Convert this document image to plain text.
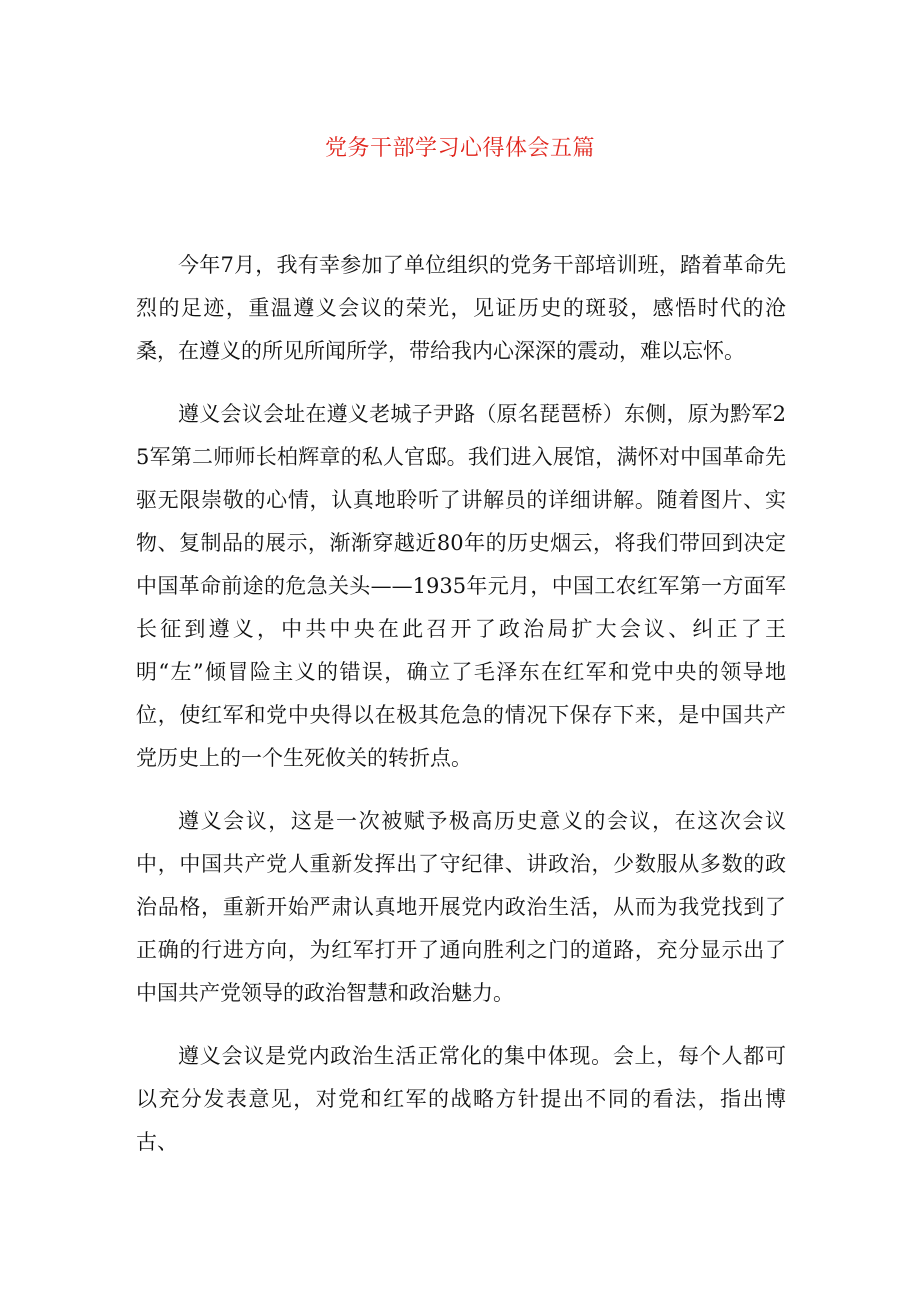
党务干部学习心得体会五篇

今年7月，我有幸参加了单位组织的党务干部培训班，踏着革命先烈的足迹，重温遵义会议的荣光，见证历史的斑驳，感悟时代的沧桑，在遵义的所见所闻所学，带给我内心深深的震动，难以忘怀。

遵义会议会址在遵义老城子尹路（原名琵琶桥）东侧，原为黔军25军第二师师长柏辉章的私人官邸。我们进入展馆，满怀对中国革命先驱无限崇敬的心情，认真地聆听了讲解员的详细讲解。随着图片、实物、复制品的展示，渐渐穿越近80年的历史烟云，将我们带回到决定中国革命前途的危急关头——1935年元月，中国工农红军第一方面军长征到遵义，中共中央在此召开了政治局扩大会议、纠正了王明“左”倾冒险主义的错误，确立了毛泽东在红军和党中央的领导地位，使红军和党中央得以在极其危急的情况下保存下来，是中国共产党历史上的一个生死攸关的转折点。

遵义会议，这是一次被赋予极高历史意义的会议，在这次会议中，中国共产党人重新发挥出了守纪律、讲政治，少数服从多数的政治品格，重新开始严肃认真地开展党内政治生活，从而为我党找到了正确的行进方向，为红军打开了通向胜利之门的道路，充分显示出了中国共产党领导的政治智慧和政治魅力。

遵义会议是党内政治生活正常化的集中体现。会上，每个人都可以充分发表意见，对党和红军的战略方针提出不同的看法，指出博古、
